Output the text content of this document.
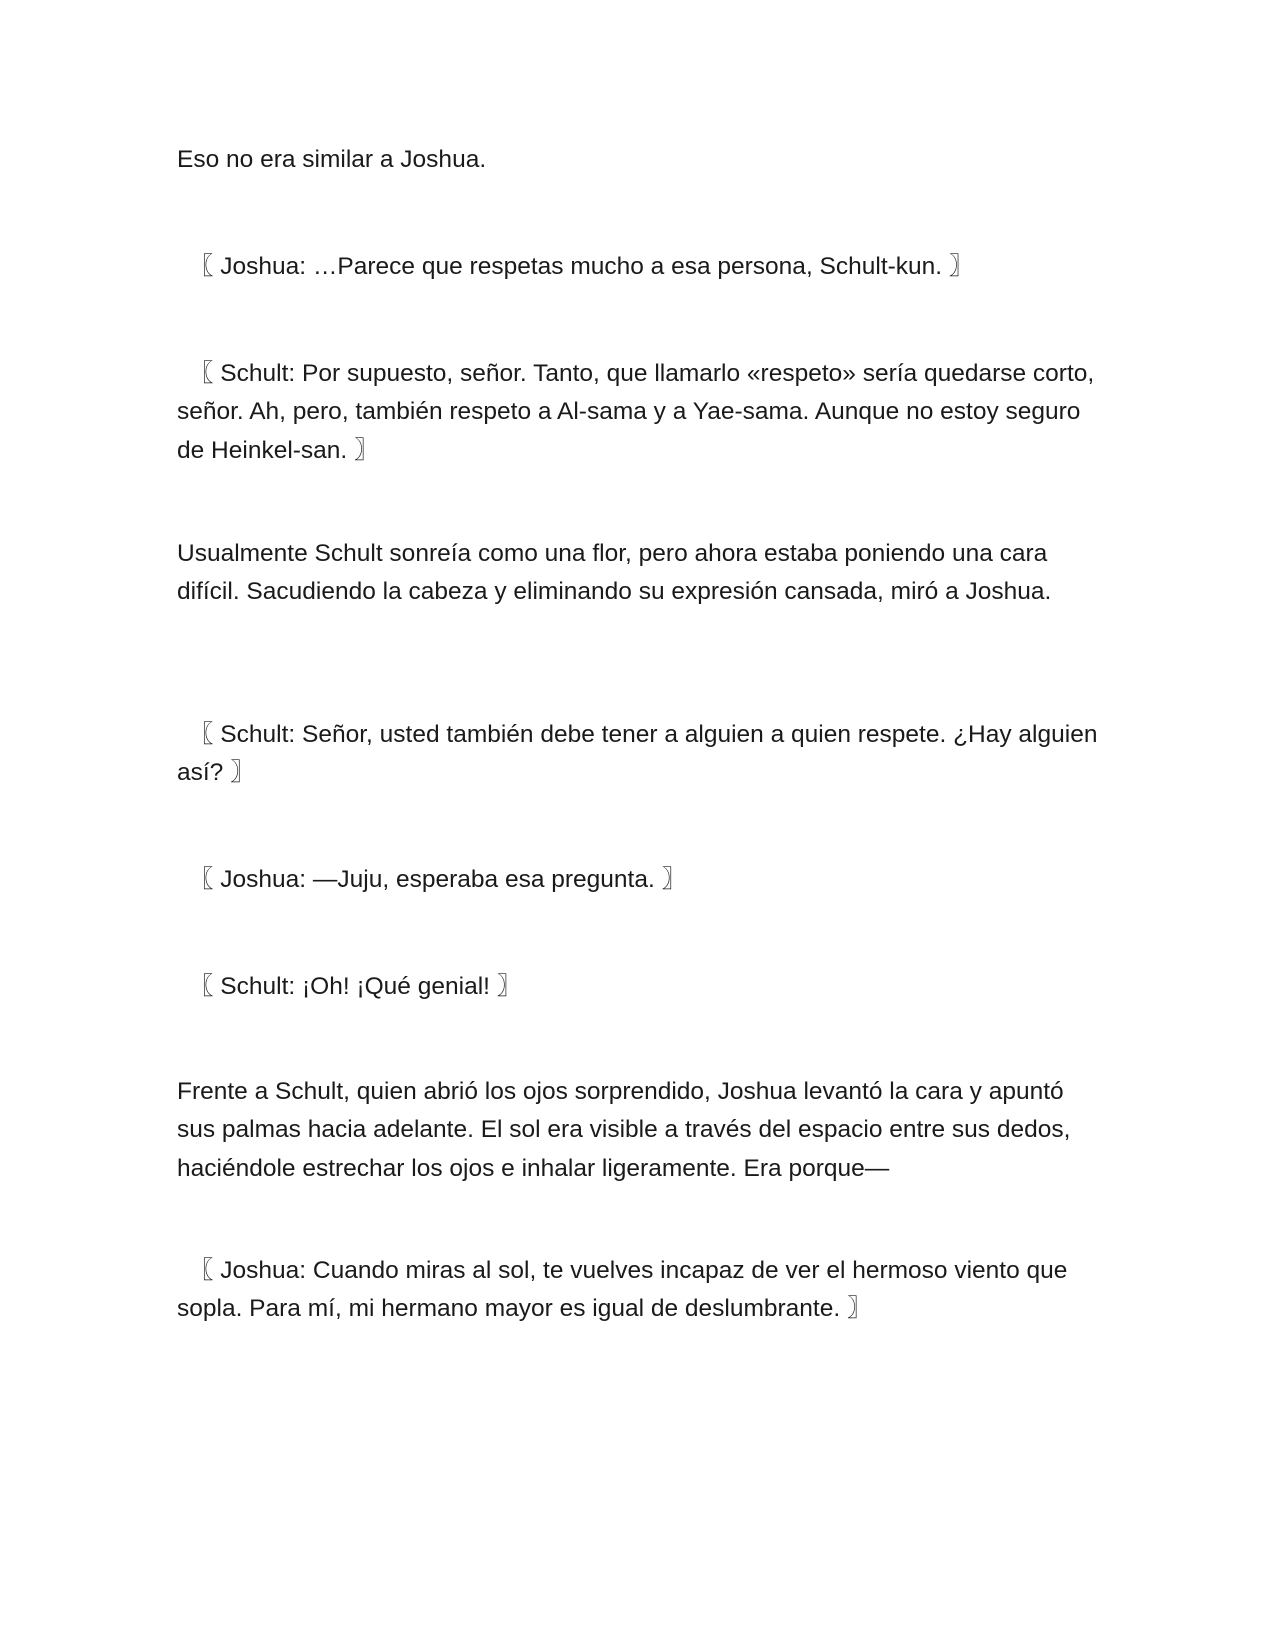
Eso no era similar a Joshua.

〖 Joshua: …Parece que respetas mucho a esa persona, Schult-kun. 〗

〖 Schult: Por supuesto, señor. Tanto, que llamarlo «respeto» sería quedarse corto, señor. Ah, pero, también respeto a Al-sama y a Yae-sama. Aunque no estoy seguro de Heinkel-san. 〗

Usualmente Schult sonreía como una flor, pero ahora estaba poniendo una cara difícil. Sacudiendo la cabeza y eliminando su expresión cansada, miró a Joshua.

〖 Schult: Señor, usted también debe tener a alguien a quien respete. ¿Hay alguien así? 〗

〖 Joshua: —Juju, esperaba esa pregunta. 〗

〖 Schult: ¡Oh! ¡Qué genial! 〗

Frente a Schult, quien abrió los ojos sorprendido, Joshua levantó la cara y apuntó sus palmas hacia adelante. El sol era visible a través del espacio entre sus dedos, haciéndole estrechar los ojos e inhalar ligeramente. Era porque—

〖 Joshua: Cuando miras al sol, te vuelves incapaz de ver el hermoso viento que sopla. Para mí, mi hermano mayor es igual de deslumbrante. 〗
